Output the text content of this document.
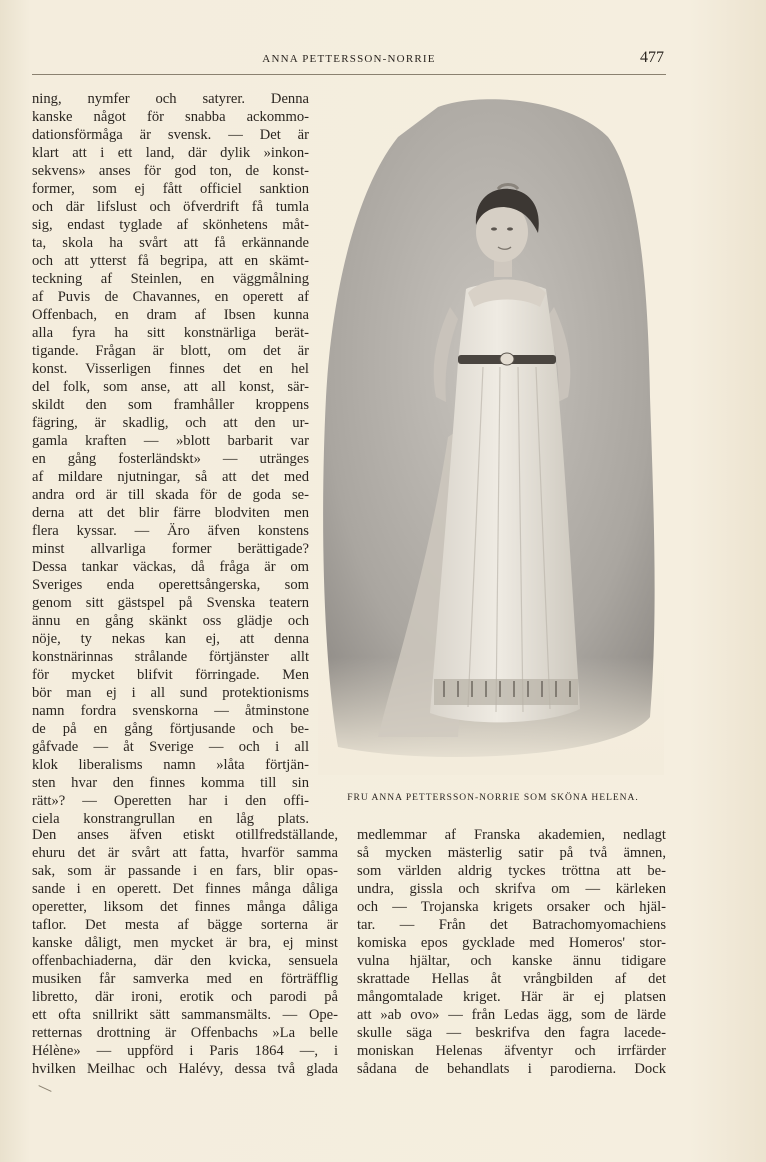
ANNA PETTERSSON-NORRIE	477
ning, nymfer och satyrer. Denna
kanske något för snabba ackommo-
dationsförmåga är svensk. — Det är
klart att i ett land, där dylik »inkon-
sekvens» anses för god ton, de konst-
former, som ej fått officiel sanktion
och där lifslust och öfverdrift få tumla
sig, endast tyglade af skönhetens måt-
ta, skola ha svårt att få erkännande
och att ytterst få begripa, att en skämt-
teckning af Steinlen, en väggmålning
af Puvis de Chavannes, en operett af
Offenbach, en dram af Ibsen kunna
alla fyra ha sitt konstnärliga berät-
tigande. Frågan är blott, om det är
konst. Visserligen finnes det en hel
del folk, som anse, att all konst, sär-
skildt den som framhåller kroppens
fägring, är skadlig, och att den ur-
gamla kraften — »blott barbarit var
en gång fosterländskt» — utränges
af mildare njutningar, så att det med
andra ord är till skada för de goda se-
derna att det blir färre blodviten men
flera kyssar. — Äro äfven konstens
minst allvarliga former berättigade?
Dessa tankar väckas, då fråga är om
Sveriges enda operettsångerska, som
genom sitt gästspel på Svenska teatern
ännu en gång skänkt oss glädje och
nöje, ty nekas kan ej, att denna
konstnärinnas strålande förtjänster allt
för mycket blifvit förringade. Men
bör man ej i all sund protektionisms
namn fordra svenskorna — åtminstone
de på en gång förtjusande och be-
gåfvade — åt Sverige — och i all
klok liberalisms namn »låta förtjän-
sten hvar den finnes komma till sin
rätt»? — Operetten har i den offi-
ciela konstrangrullan en låg plats.
FRU ANNA PETTERSSON-NORRIE SOM SKÖNA HELENA.
Den anses äfven etiskt otillfredställande,
ehuru det är svårt att fatta, hvarför samma
sak, som är passande i en fars, blir opas-
sande i en operett. Det finnes många dåliga
operetter, liksom det finnes många dåliga
taflor. Det mesta af bägge sorterna är
kanske dåligt, men mycket är bra, ej minst
offenbachiaderna, där den kvicka, sensuela
musiken får samverka med en förträfflig
libretto, där ironi, erotik och parodi på
ett ofta snillrikt sätt sammansmälts. — Ope-
retternas drottning är Offenbachs »La belle
Hélène» — uppförd i Paris 1864 —, i
hvilken Meilhac och Halévy, dessa två glada
medlemmar af Franska akademien, nedlagt
så mycken mästerlig satir på två ämnen,
som världen aldrig tyckes tröttna att be-
undra, gissla och skrifva om — kärleken
och — Trojanska krigets orsaker och hjäl-
tar. — Från det Batrachomyomachiens
komiska epos gycklade med Homeros' stor-
vulna hjältar, och kanske ännu tidigare
skrattade Hellas åt vrångbilden af det
mångomtalade kriget. Här är ej platsen
att »ab ovo» — från Ledas ägg, som de lärde
skulle säga — beskrifva den fagra lacede-
moniskan Helenas äfventyr och irrfärder
sådana de behandlats i parodierna. Dock
